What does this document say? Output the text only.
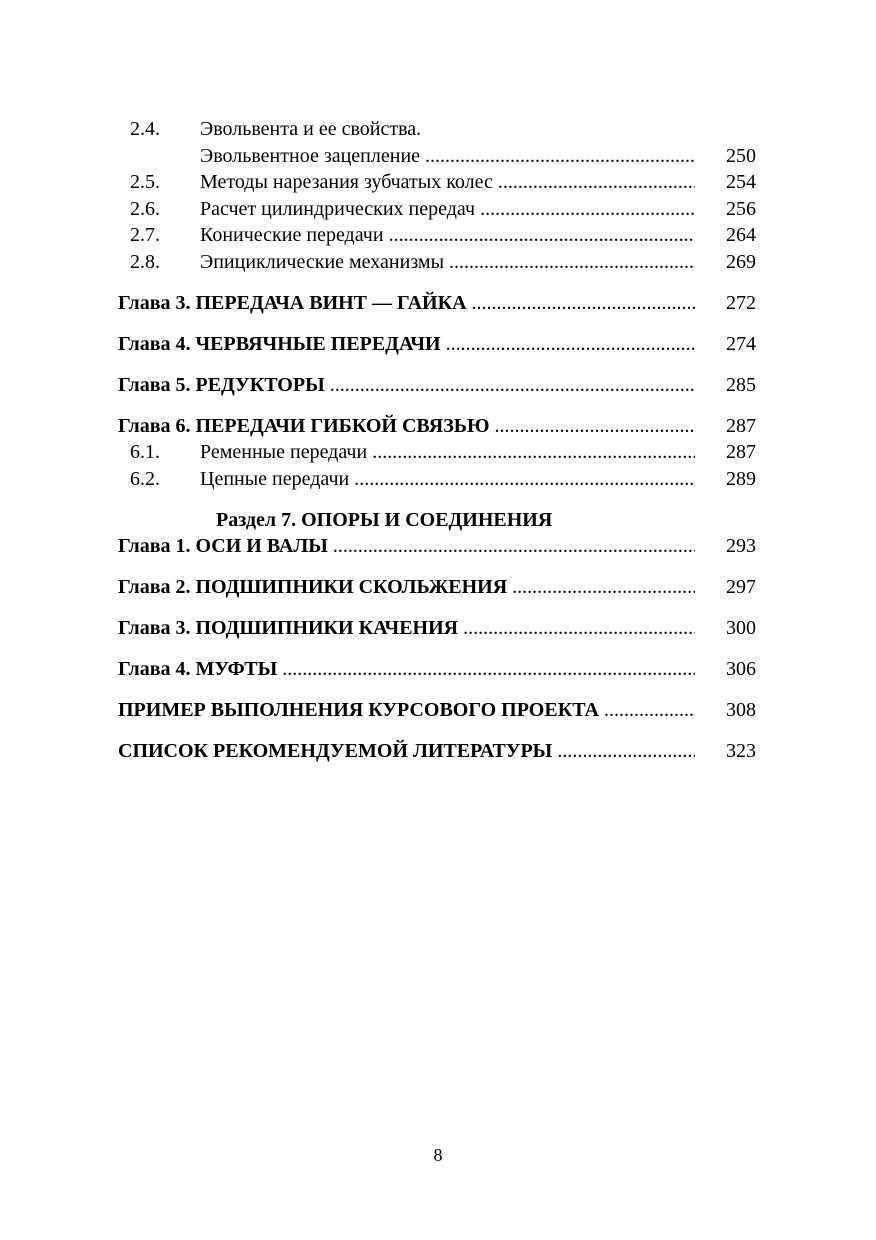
2.4. Эвольвента и ее свойства.
Эвольвентное зацепление .....	250
2.5. Методы нарезания зубчатых колес .....	254
2.6. Расчет цилиндрических передач .....	256
2.7. Конические передачи .....	264
2.8. Эпициклические механизмы .....	269
Глава 3. ПЕРЕДАЧА ВИНТ — ГАЙКА .....	272
Глава 4. ЧЕРВЯЧНЫЕ ПЕРЕДАЧИ .....	274
Глава 5. РЕДУКТОРЫ .....	285
Глава 6. ПЕРЕДАЧИ ГИБКОЙ СВЯЗЬЮ .....	287
6.1. Ременные передачи .....	287
6.2. Цепные передачи .....	289
Раздел 7. ОПОРЫ И СОЕДИНЕНИЯ
Глава 1. ОСИ И ВАЛЫ .....	293
Глава 2. ПОДШИПНИКИ СКОЛЬЖЕНИЯ .....	297
Глава 3. ПОДШИПНИКИ КАЧЕНИЯ .....	300
Глава 4. МУФТЫ .....	306
ПРИМЕР ВЫПОЛНЕНИЯ КУРСОВОГО ПРОЕКТА .....	308
СПИСОК РЕКОМЕНДУЕМОЙ ЛИТЕРАТУРЫ .....	323
8
